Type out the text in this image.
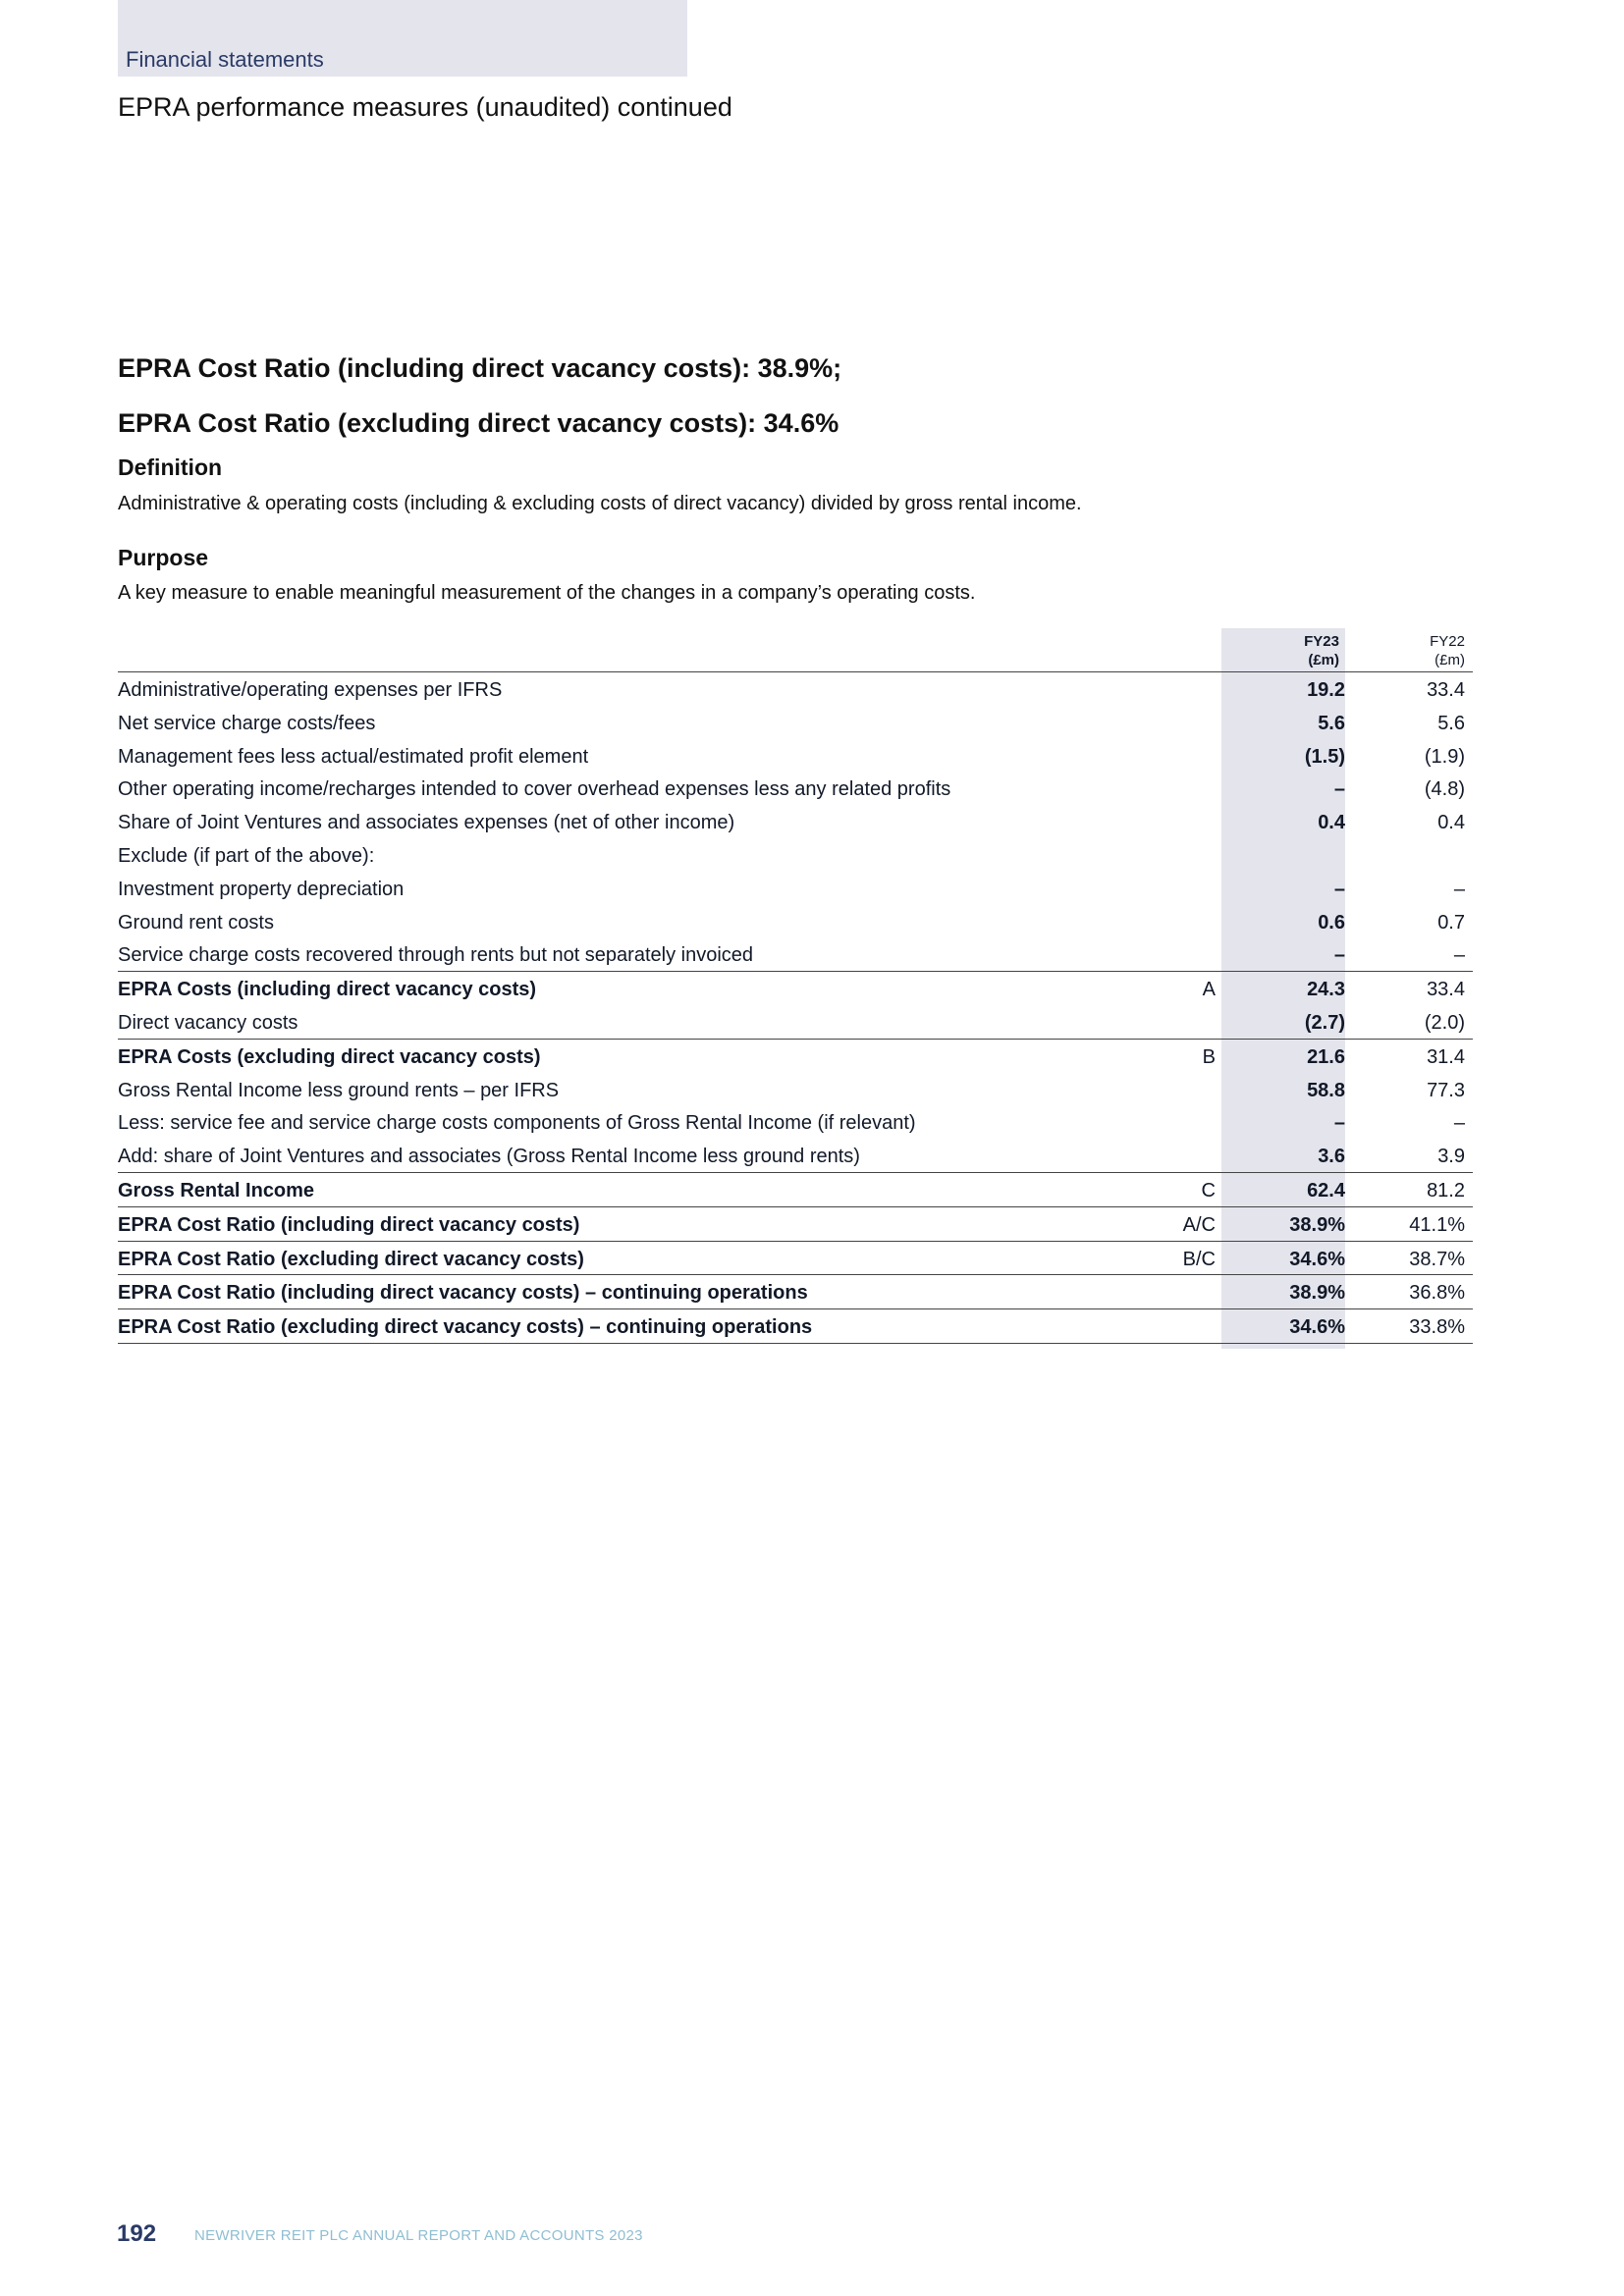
Financial statements
EPRA performance measures (unaudited) continued
EPRA Cost Ratio (including direct vacancy costs): 38.9%;
EPRA Cost Ratio (excluding direct vacancy costs): 34.6%
Definition

Administrative & operating costs (including & excluding costs of direct vacancy) divided by gross rental income.

Purpose

A key measure to enable meaningful measurement of the changes in a company’s operating costs.

FY23
(£m)
FY22
(£m)
Administrative/operating expenses per IFRS	19.2	33.4
Net service charge costs/fees	5.6	5.6
Management fees less actual/estimated profit element	(1.5)	(1.9)
Other operating income/recharges intended to cover overhead expenses less any related profits	–	(4.8)
Share of Joint Ventures and associates expenses (net of other income)	0.4	0.4
Exclude (if part of the above):
Investment property depreciation	–	–
Ground rent costs	0.6	0.7
Service charge costs recovered through rents but not separately invoiced	–	–
EPRA Costs (including direct vacancy costs)	A	24.3	33.4
Direct vacancy costs	(2.7)	(2.0)
EPRA Costs (excluding direct vacancy costs)	B	21.6	31.4
Gross Rental Income less ground rents – per IFRS	58.8	77.3
Less: service fee and service charge costs components of Gross Rental Income (if relevant)	–	–
Add: share of Joint Ventures and associates (Gross Rental Income less ground rents)	3.6	3.9
Gross Rental Income	C	62.4	81.2
EPRA Cost Ratio (including direct vacancy costs)	A/C	38.9%	41.1%
EPRA Cost Ratio (excluding direct vacancy costs)	B/C	34.6%	38.7%
EPRA Cost Ratio (including direct vacancy costs) – continuing operations	38.9%	36.8%
EPRA Cost Ratio (excluding direct vacancy costs) – continuing operations	34.6%	33.8%
192	NEWRIVER REIT PLC ANNUAL REPORT AND ACCOUNTS 2023
